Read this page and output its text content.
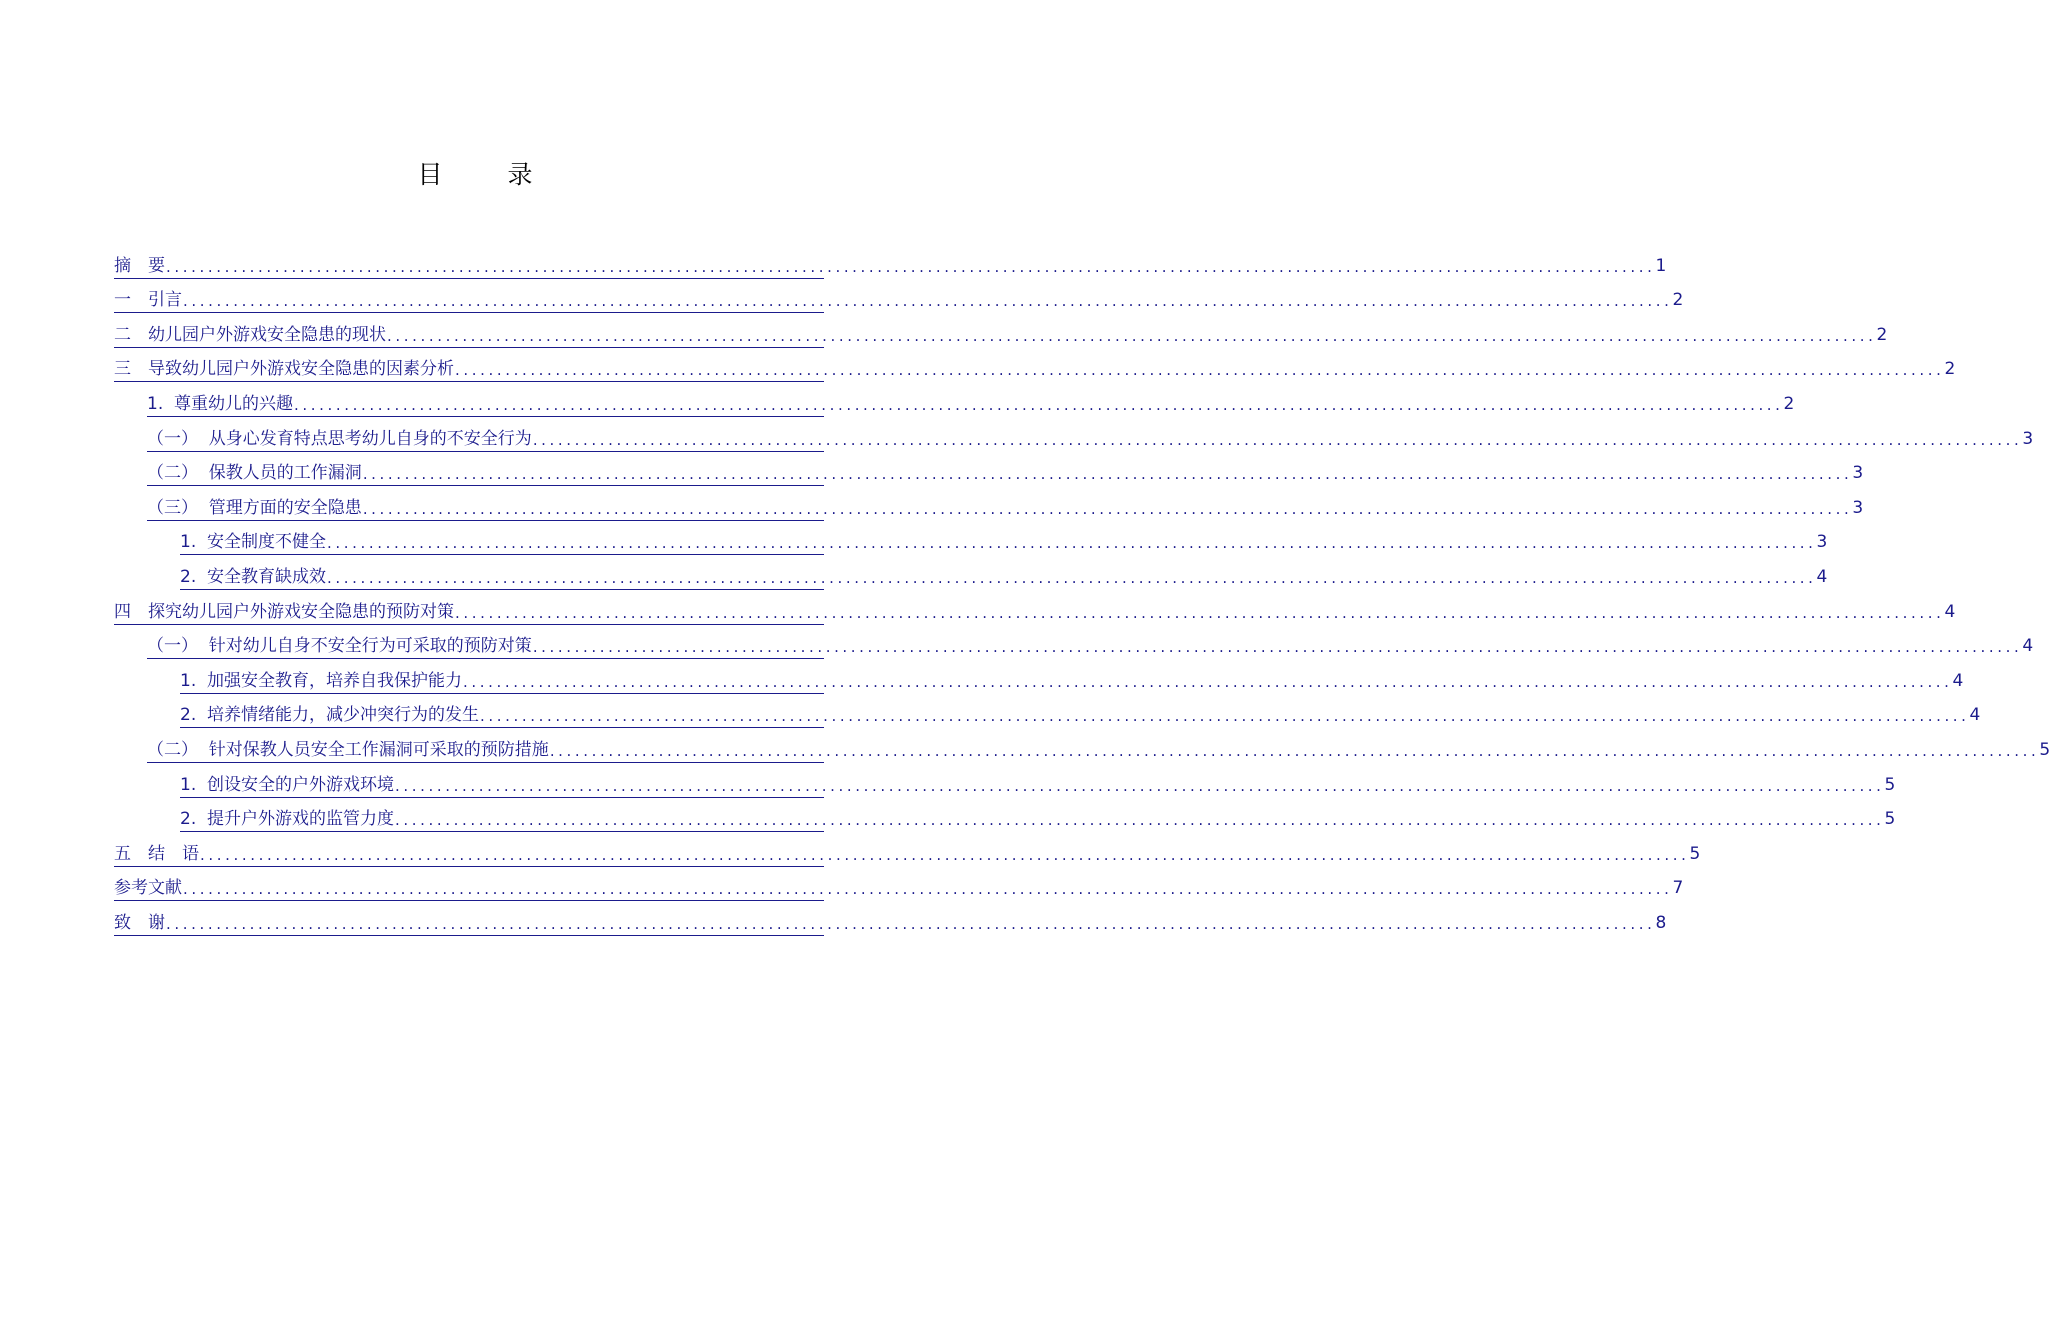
目　录
摘　要 .................................................................................................................................................................................. 1
一　引言 .................................................................................................................................................................................. 2
二　幼儿园户外游戏安全隐患的现状 .................................................................................................................................................................................. 2
三　导致幼儿园户外游戏安全隐患的因素分析 .................................................................................................................................................................................. 2
1.  尊重幼儿的兴趣 .................................................................................................................................................................................. 2
（一）  从身心发育特点思考幼儿自身的不安全行为 .................................................................................................................................................................................. 3
（二）  保教人员的工作漏洞 .................................................................................................................................................................................. 3
（三）  管理方面的安全隐患 .................................................................................................................................................................................. 3
1.  安全制度不健全 .................................................................................................................................................................................. 3
2.  安全教育缺成效 .................................................................................................................................................................................. 4
四　探究幼儿园户外游戏安全隐患的预防对策 .................................................................................................................................................................................. 4
（一）  针对幼儿自身不安全行为可采取的预防对策 .................................................................................................................................................................................. 4
1.  加强安全教育，培养自我保护能力 .................................................................................................................................................................................. 4
2.  培养情绪能力，减少冲突行为的发生 .................................................................................................................................................................................. 4
（二）  针对保教人员安全工作漏洞可采取的预防措施 .................................................................................................................................................................................. 5
1.  创设安全的户外游戏环境 .................................................................................................................................................................................. 5
2.  提升户外游戏的监管力度 .................................................................................................................................................................................. 5
五　结　语 .................................................................................................................................................................................. 5
参考文献 .................................................................................................................................................................................. 7
致　谢 .................................................................................................................................................................................. 8
